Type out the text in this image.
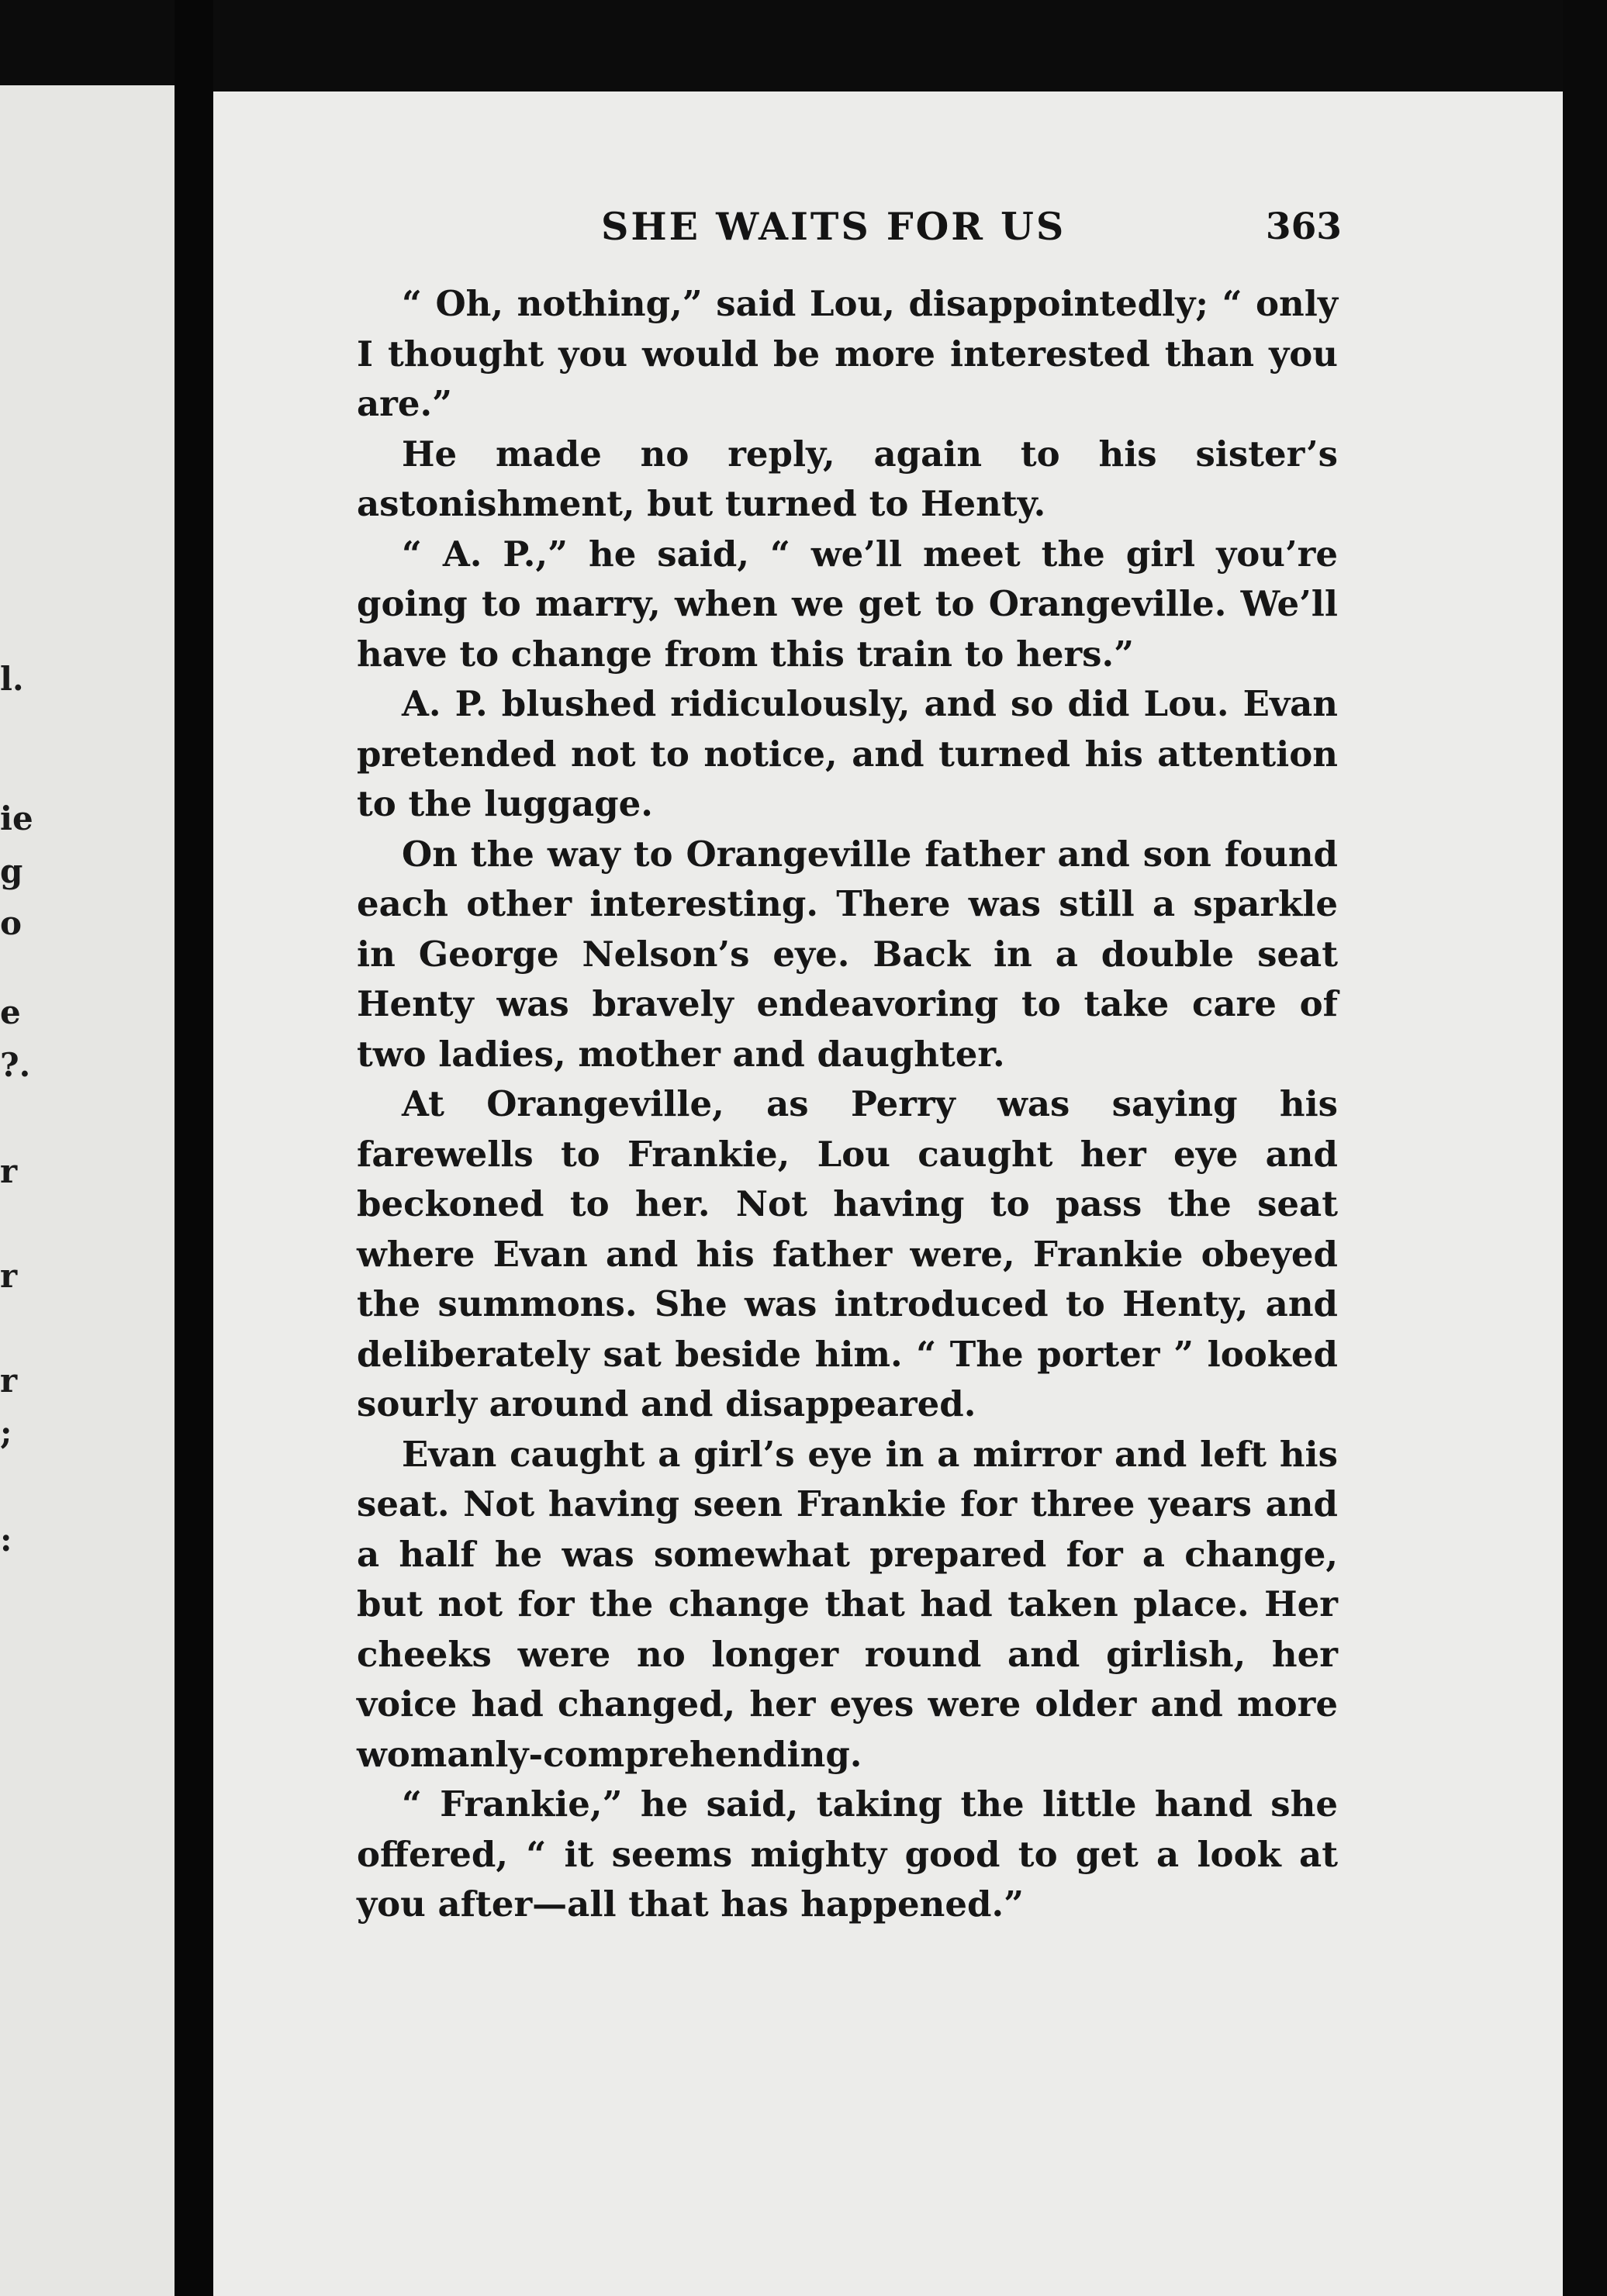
l.
ie
g
o
e
?.
r
r
r
;
:
SHE WAITS FOR US	363

“ Oh, nothing,” said Lou, disappointedly; “ only I thought you would be more interested than you are.”

He made no reply, again to his sister’s astonishment, but turned to Henty.

“ A. P.,” he said, “ we’ll meet the girl you’re going to marry, when we get to Orangeville. We’ll have to change from this train to hers.”

A. P. blushed ridiculously, and so did Lou. Evan pretended not to notice, and turned his attention to the luggage.

On the way to Orangeville father and son found each other interesting. There was still a sparkle in George Nelson’s eye. Back in a double seat Henty was bravely endeavoring to take care of two ladies, mother and daughter.

At Orangeville, as Perry was saying his farewells to Frankie, Lou caught her eye and beckoned to her. Not having to pass the seat where Evan and his father were, Frankie obeyed the summons. She was introduced to Henty, and deliberately sat beside him. “ The porter ” looked sourly around and disappeared.

Evan caught a girl’s eye in a mirror and left his seat. Not having seen Frankie for three years and a half he was somewhat prepared for a change, but not for the change that had taken place. Her cheeks were no longer round and girlish, her voice had changed, her eyes were older and more womanly-comprehending.

“ Frankie,” he said, taking the little hand she offered, “ it seems mighty good to get a look at you after—all that has happened.”
